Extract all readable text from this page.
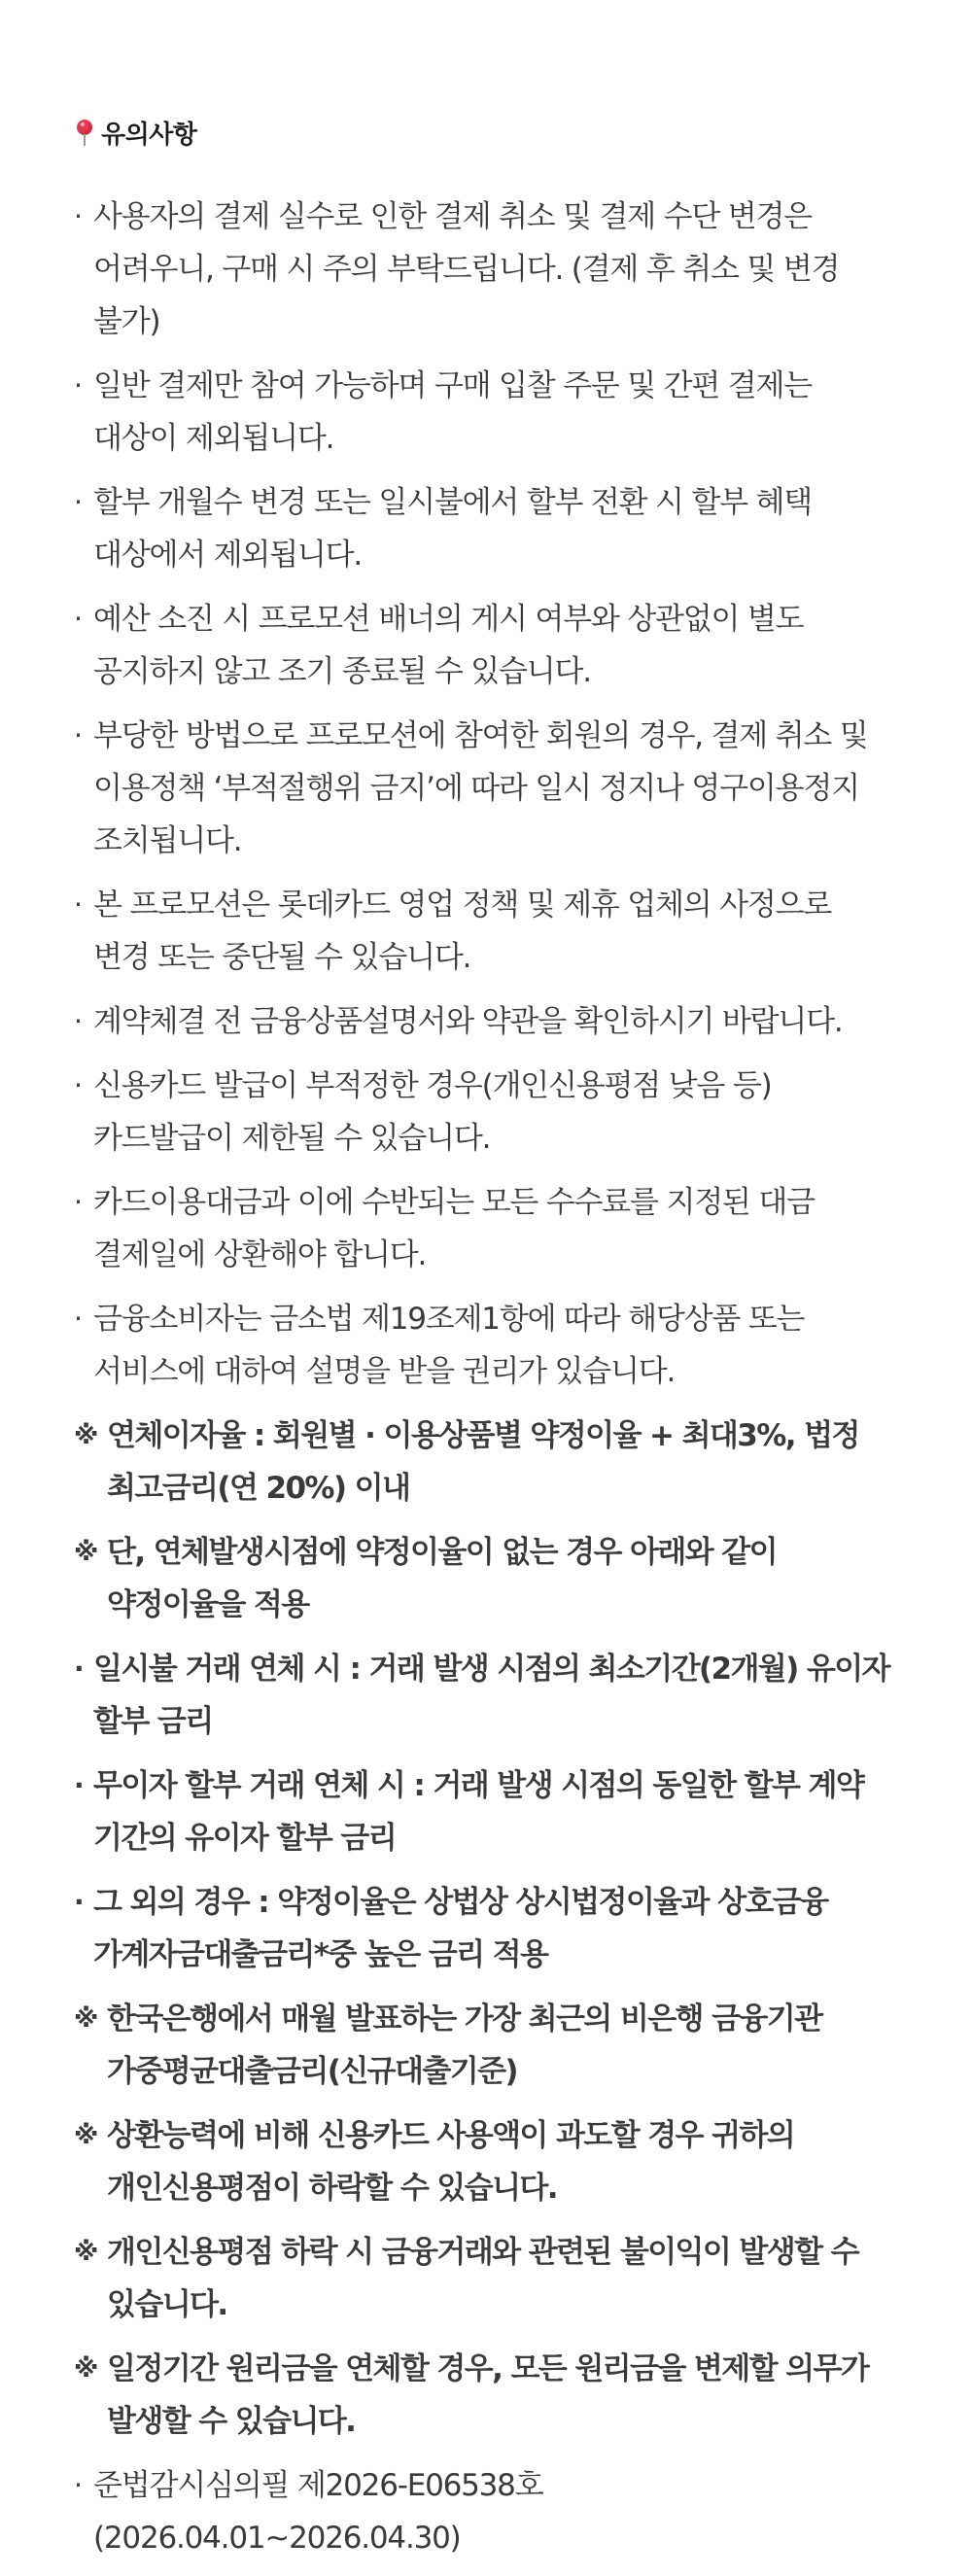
유의사항
· 사용자의 결제 실수로 인한 결제 취소 및 결제 수단 변경은 어려우니, 구매 시 주의 부탁드립니다. (결제 후 취소 및 변경 불가)
· 일반 결제만 참여 가능하며 구매 입찰 주문 및 간편 결제는 대상이 제외됩니다.
· 할부 개월수 변경 또는 일시불에서 할부 전환 시 할부 혜택 대상에서 제외됩니다.
· 예산 소진 시 프로모션 배너의 게시 여부와 상관없이 별도 공지하지 않고 조기 종료될 수 있습니다.
· 부당한 방법으로 프로모션에 참여한 회원의 경우, 결제 취소 및 이용정책 ‘부적절행위 금지’에 따라 일시 정지나 영구이용정지 조치됩니다.
· 본 프로모션은 롯데카드 영업 정책 및 제휴 업체의 사정으로 변경 또는 중단될 수 있습니다.
· 계약체결 전 금융상품설명서와 약관을 확인하시기 바랍니다.
· 신용카드 발급이 부적정한 경우(개인신용평점 낮음 등) 카드발급이 제한될 수 있습니다.
· 카드이용대금과 이에 수반되는 모든 수수료를 지정된 대금 결제일에 상환해야 합니다.
· 금융소비자는 금소법 제19조제1항에 따라 해당상품 또는 서비스에 대하여 설명을 받을 권리가 있습니다.
※ 연체이자율 : 회원별 · 이용상품별 약정이율 + 최대3%, 법정 최고금리(연 20%) 이내
※ 단, 연체발생시점에 약정이율이 없는 경우 아래와 같이 약정이율을 적용
· 일시불 거래 연체 시 : 거래 발생 시점의 최소기간(2개월) 유이자 할부 금리
· 무이자 할부 거래 연체 시 : 거래 발생 시점의 동일한 할부 계약 기간의 유이자 할부 금리
· 그 외의 경우 : 약정이율은 상법상 상시법정이율과 상호금융 가계자금대출금리*중 높은 금리 적용
※ 한국은행에서 매월 발표하는 가장 최근의 비은행 금융기관 가중평균대출금리(신규대출기준)
※ 상환능력에 비해 신용카드 사용액이 과도할 경우 귀하의 개인신용평점이 하락할 수 있습니다.
※ 개인신용평점 하락 시 금융거래와 관련된 불이익이 발생할 수 있습니다.
※ 일정기간 원리금을 연체할 경우, 모든 원리금을 변제할 의무가 발생할 수 있습니다.
· 준법감시심의필 제2026-E06538호 (2026.04.01~2026.04.30)
